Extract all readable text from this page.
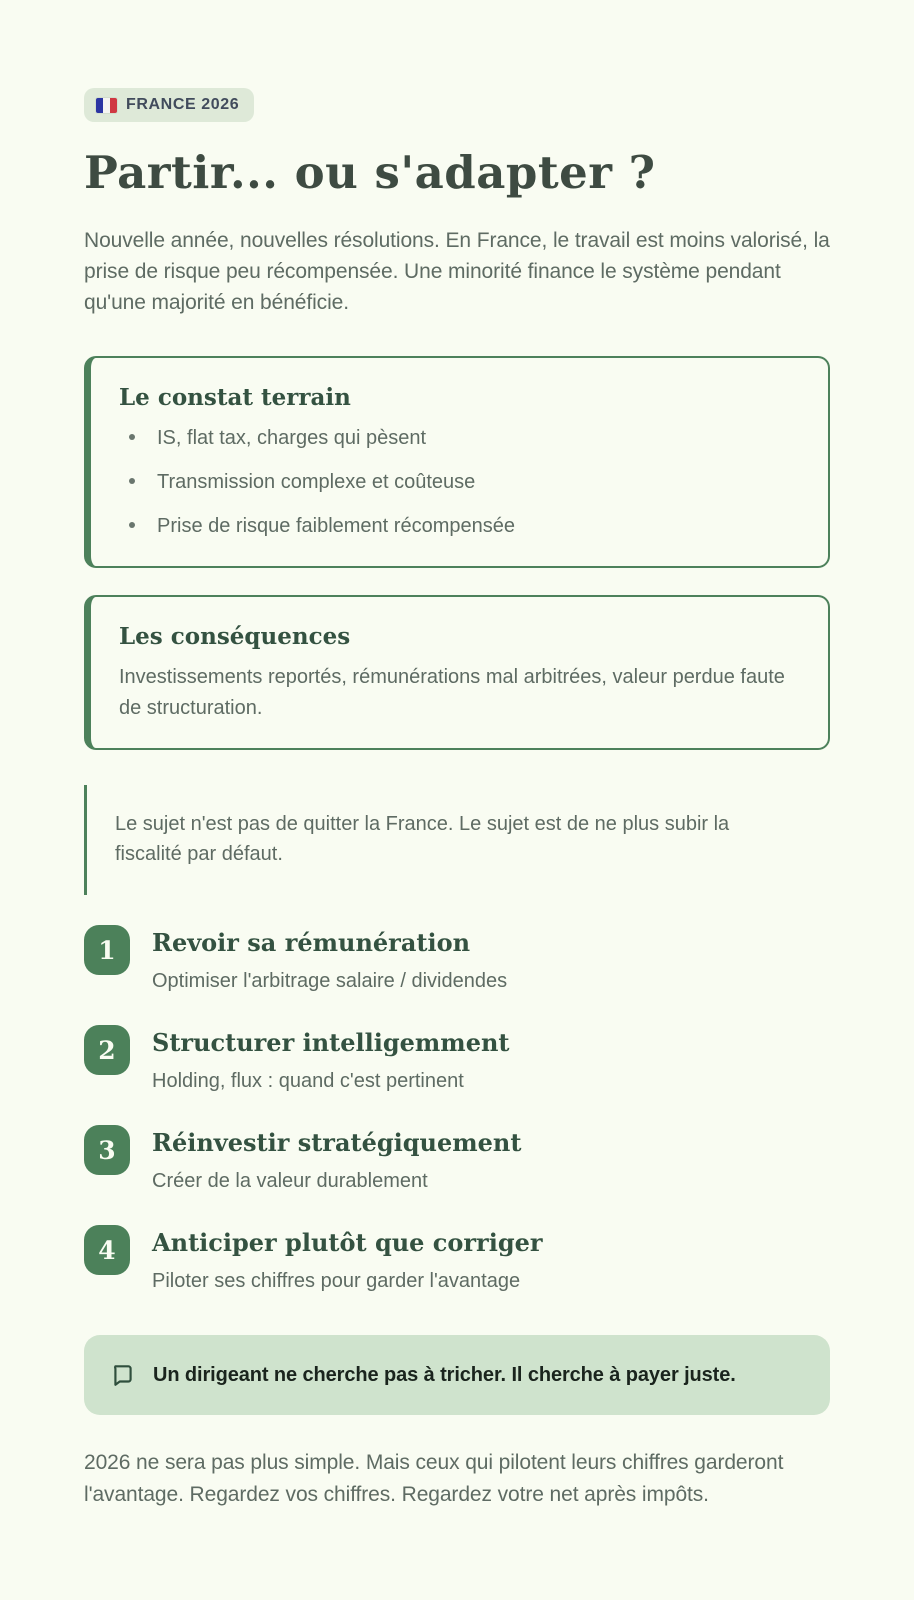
FRANCE 2026
Partir... ou s'adapter ?

Nouvelle année, nouvelles résolutions. En France, le travail est moins valorisé, la prise de risque peu récompensée. Une minorité finance le système pendant qu'une majorité en bénéficie.

Le constat terrain
IS, flat tax, charges qui pèsent
Transmission complexe et coûteuse
Prise de risque faiblement récompensée
Les conséquences

Investissements reportés, rémunérations mal arbitrées, valeur perdue faute de structuration.

Le sujet n'est pas de quitter la France. Le sujet est de ne plus subir la fiscalité par défaut.
1	Revoir sa rémunération
Optimiser l'arbitrage salaire / dividendes
2	Structurer intelligemment
Holding, flux : quand c'est pertinent
3	Réinvestir stratégiquement
Créer de la valeur durablement
4	Anticiper plutôt que corriger
Piloter ses chiffres pour garder l'avantage
Un dirigeant ne cherche pas à tricher. Il cherche à payer juste.

2026 ne sera pas plus simple. Mais ceux qui pilotent leurs chiffres garderont l'avantage. Regardez vos chiffres. Regardez votre net après impôts.
